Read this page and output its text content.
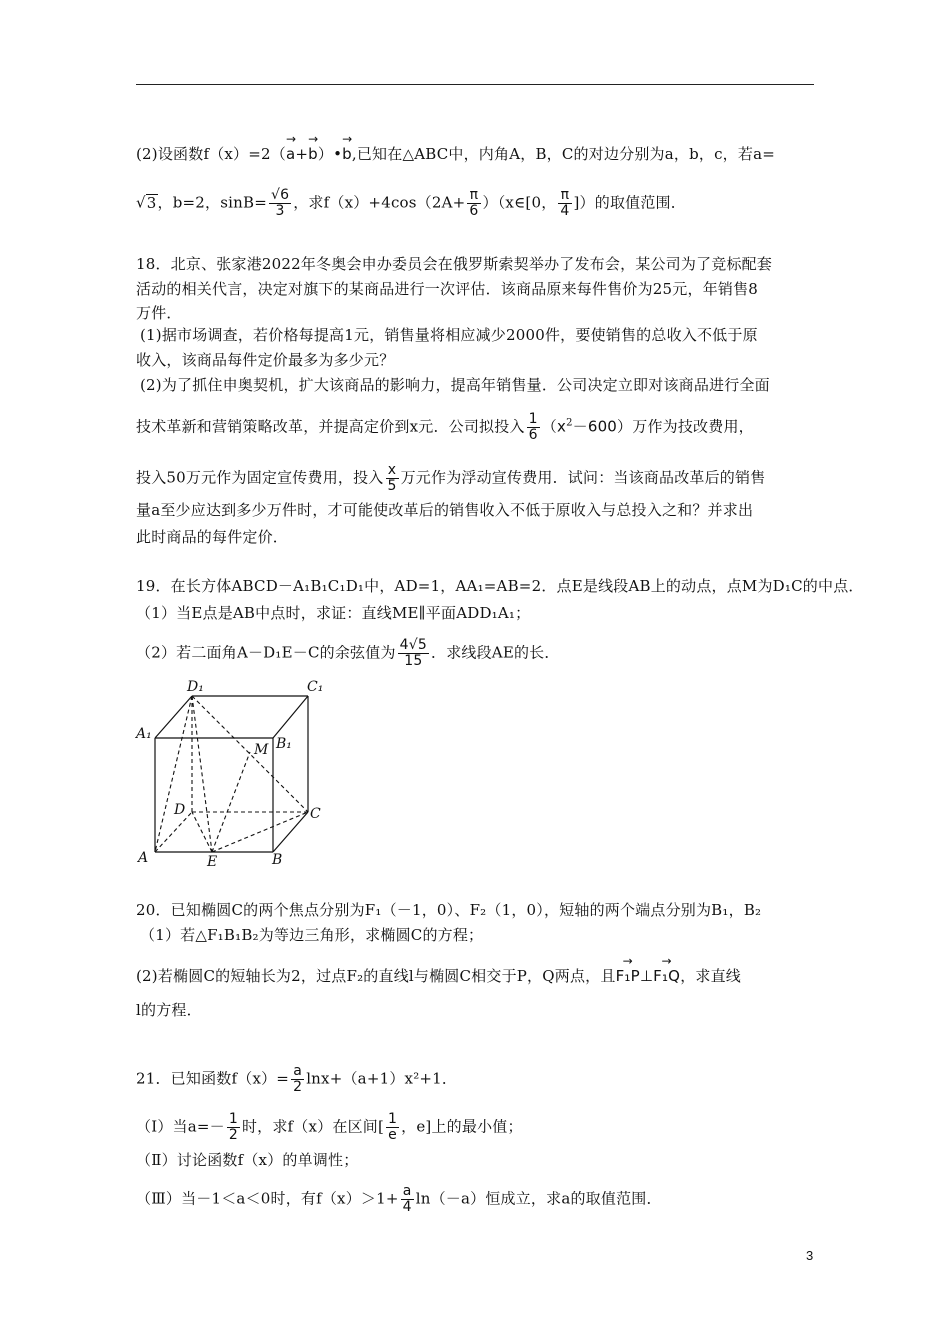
(2)设函数f（x）=2（→ a+→ b）•→ b,已知在△ABC中，内角A，B，C的对边分别为a，b，c，若a=
√3，b=2，$\sin B= \frac{√6}{3}$ ，求$f(x)+4\cos(2A+ \frac{\pi}{6}$ ）（x∈[0， $\frac{\pi}{4}$ ]）的取值范围．
18．北京、张家港2022年冬奥会申办委员会在俄罗斯索契举办了发布会，某公司为了竞标配套
活动的相关代言，决定对旗下的某商品进行一次评估．该商品原来每件售价为25元，年销售8
万件．
(1)据市场调查，若价格每提高1元，销售量将相应减少2000件，要使销售的总收入不低于原
收入，该商品每件定价最多为多少元？
(2)为了抓住申奥契机，扩大该商品的影响力，提高年销售量．公司决定立即对该商品进行全面
技术革新和营销策略改革，并提高定价到x元．公司拟投入 $\frac{1}{6} (x^2-600)$万作为技改费用，
投入50万元作为固定宣传费用，投入 $\frac{x}{5}$ 万元作为浮动宣传费用．试问：当该商品改革后的销售
量a至少应达到多少万件时，才可能使改革后的销售收入不低于原收入与总投入之和？并求出
此时商品的每件定价．
19．在长方体ABCD－A₁B₁C₁D₁中，AD=1，AA₁=AB=2．点E是线段AB上的动点，点M为D₁C的中点．
（1）当E点是AB中点时，求证：直线ME∥平面ADD₁A₁；
（2）若二面角A－D₁E－C的余弦值为 $\frac{4√5}{15}$ ．求线段AE的长．
D₁	C₁
A₁
B₁
M
D	C
A	E	B
20．已知椭圆C的两个焦点分别为F₁（－1，0）、F₂（1，0），短轴的两个端点分别为B₁，B₂
（1）若△F₁B₁B₂为等边三角形，求椭圆C的方程；
(2)若椭圆C的短轴长为2，过点F₂的直线l与椭圆C相交于P，Q两点，且→ F₁P⊥→ F₁Q，求直线
l的方程．
21．已知函数$f(x)= \frac{a}{2} \ln x+(a+1)x^2+1$．
（Ⅰ）当$a=- \frac{1}{2}$ 时，求f（x）在区间[ $\frac{1}{e}$ ，e]上的最小值；
（Ⅱ）讨论函数f（x）的单调性；
（Ⅲ）当－1＜a＜0时，有$f(x)>1+ \frac{a}{4} \ln(-a)$恒成立，求a的取值范围．
3
